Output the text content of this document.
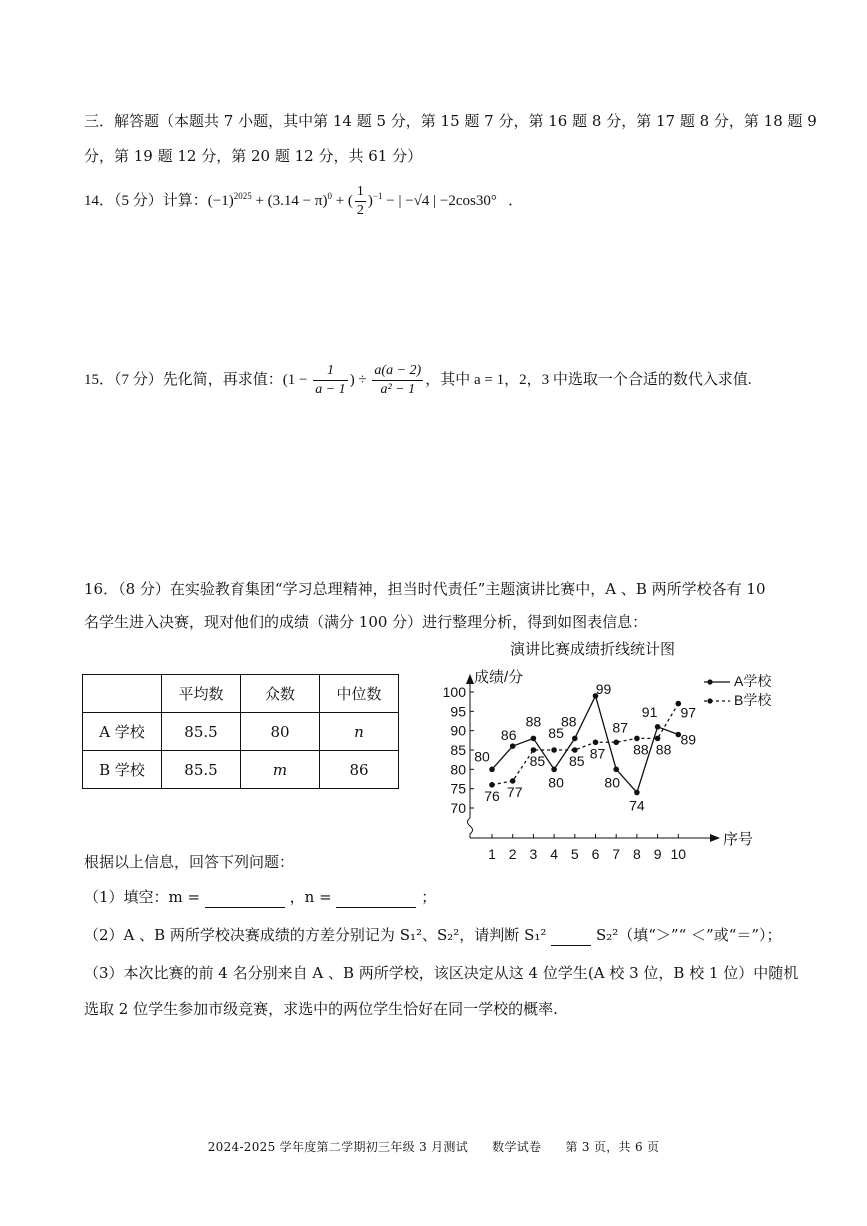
三．解答题（本题共 7 小题，其中第 14 题 5 分，第 15 题 7 分，第 16 题 8 分，第 17 题 8 分，第 18 题 9
分，第 19 题 12 分，第 20 题 12 分，共 61 分）
14．（5 分）计算：$(-1)^{2025} + (3.14 - \pi)^0$ + ( $\frac{1}{2} )^{-1}$ − | −√4 | −2cos30° ．
15．（7 分）先化简，再求值：($1 - \frac{1}{a - 1}$ ) ÷ $\frac{a(a - 2)}{\text{a² − 1}}$ ，其中 a = 1，2，3 中选取一个合适的数代入求值.
16．（8 分）在实验教育集团“学习总理精神，担当时代责任”主题演讲比赛中，A 、B 两所学校各有 10
名学生进入决赛，现对他们的成绩（满分 100 分）进行整理分析，得到如图表信息：
	平均数	众数	中位数
A 学校	85.5	80	n
B 学校	85.5	m	86
演讲比赛成绩折线统计图
成绩/分
序号
70
75
80
85
90
95
100
1 2 3 4 5 6 7 8 9 10
80
86
88
80
88
99
80
74
91
89
76 77
85
85
85 87
87
88 88
97
A学校
B学校
根据以上信息，回答下列问题：
（1）填空：m =	，n =	；
（2）A 、B 两所学校决赛成绩的方差分别记为 S₁²、S₂²，请判断 S₁²	S₂²（填“＞”“ ＜”或“＝”）；
（3）本次比赛的前 4 名分别来自 A 、B 两所学校，该区决定从这 4 位学生(A 校 3 位，B 校 1 位）中随机
选取 2 位学生参加市级竞赛，求选中的两位学生恰好在同一学校的概率.
2024-2025 学年度第二学期初三年级 3 月测试 数学试卷 第 3 页，共 6 页
